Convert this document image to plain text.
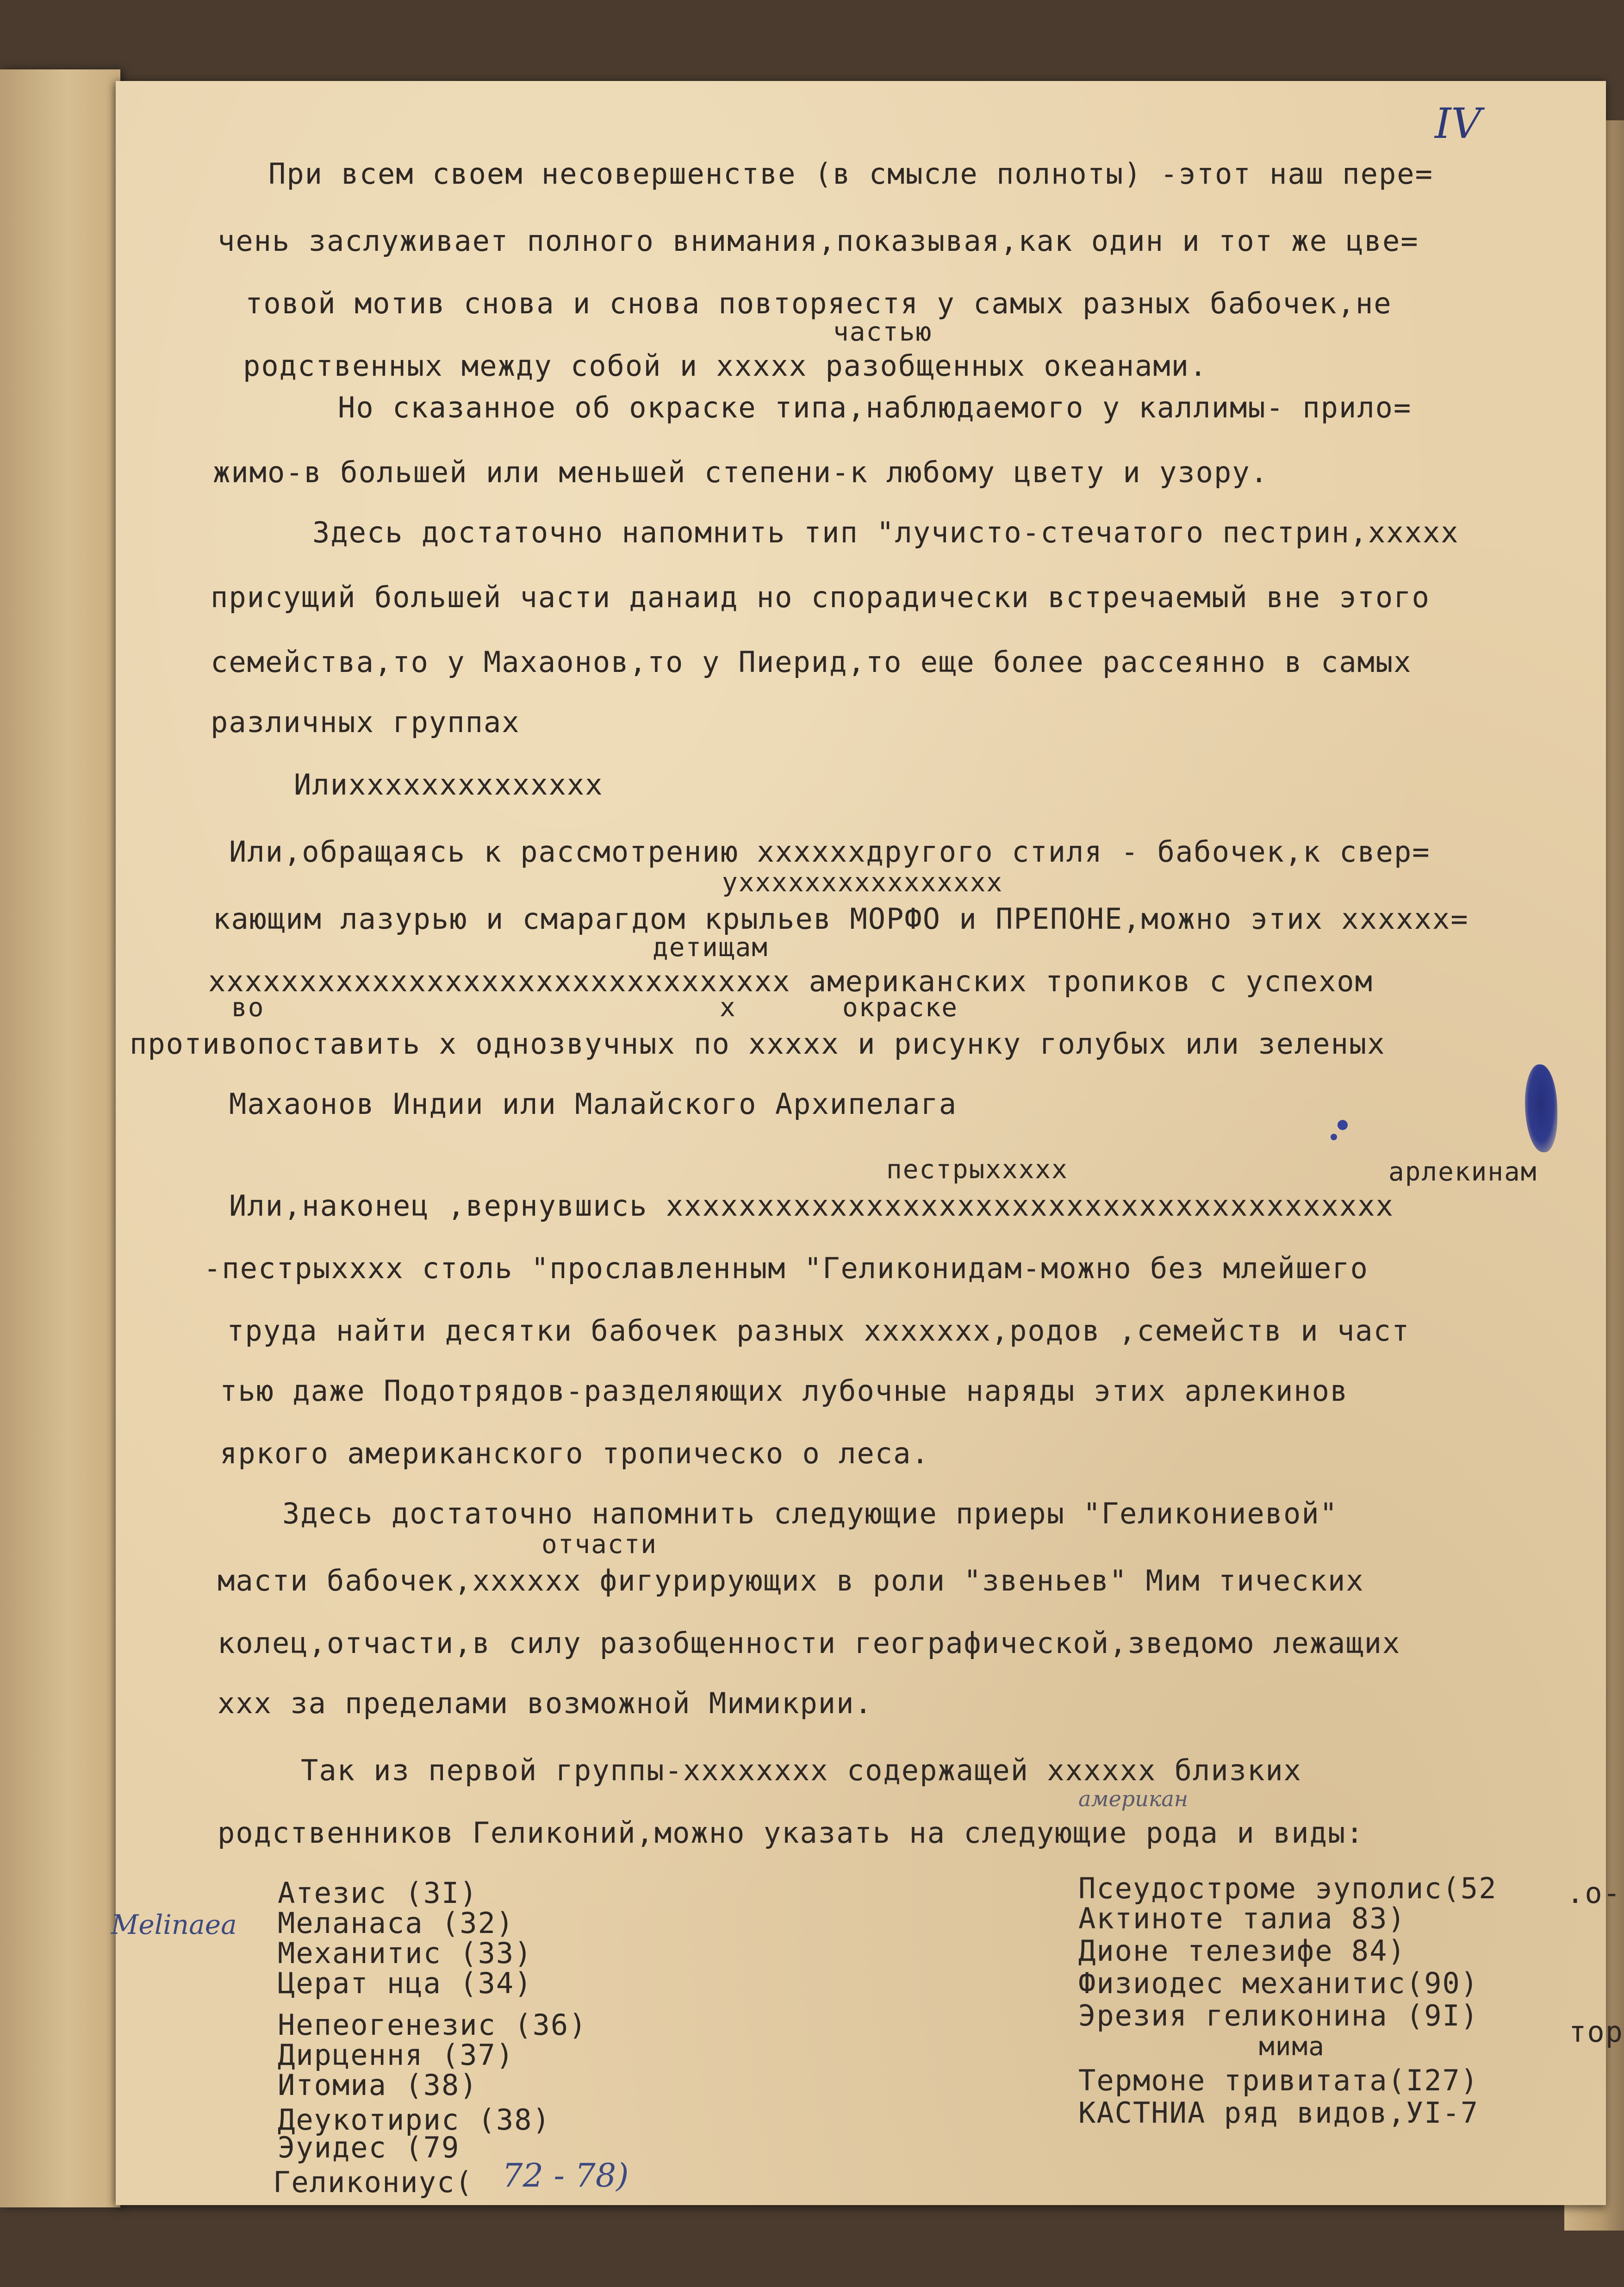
IV
При всем своем несовершенстве (в смысле полноты) -этот наш пере=
чень заслуживает полного внимания,показывая,как один и тот же цве=
товой мотив снова и снова повторяестя у самых разных бабочек,не
частью
родственных между собой и ххххх разобщенных океанами.
Но сказанное об окраске типа,наблюдаемого у каллимы- прило=
жимо-в большей или меньшей степени-к любому цвету и узору.
Здесь достаточно напомнить тип "лучисто-стечатого пестрин,ххххх
присущий большей части данаид но спорадически встречаемый вне этого
семейства,то у Махаонов,то у Пиерид,то еще более рассеянно в самых
различных группах
Илихххххххххххххх
Или,обращаясь к рассмотрению ххххххдругого стиля - бабочек,к свер=
ухххххххххххххххх
кающим лазурью и смарагдом крыльев МОРФО и ПРЕПОНЕ,можно этих хххххх=
детищам
хххххххххххххххххххххххххххххххх американских тропиков с успехом
во	х	окраске
противопоставить х однозвучных по ххххх и рисунку голубых или зеленых
Махаонов Индии или Малайского Архипелага
пестрыххххх	арлекинам
Или,наконец ,вернувшись хххххххххххххххххххххххххххххххххххххххх
-пестрыхххх столь "прославленным "Геликонидам-можно без млейшего
труда найти десятки бабочек разных ххххххх,родов ,семейств и част
тью даже Подотрядов-разделяющих лубочные наряды этих арлекинов
яркого американского тропическо о леса.
Здесь достаточно напомнить следующие приеры "Геликониевой"
отчасти
масти бабочек,хххххх фигурирующих в роли "звеньев" Мим тических
колец,отчасти,в силу разобщенности географической,зведомо лежащих
ххх за пределами возможной Мимикрии.
Так из первой группы-хххххххх содержащей хххххх близких
родственников Геликоний,можно указать на следующие рода и виды:
Атезис (3I)
Меланаса (32)
Механитис (33)
Церат нца (34)
Непеогенезис (36)
Дирцення (37)
Итомиа (38)
Деукотирис (38)
Эуидес (79
Геликониус(
Псеудостроме эуполис(52
Актиноте талиа 83)
Дионе телезифе 84)
Физиодес механитис(90)
Эрезия геликонина (9I)
мима
Термоне тривитата(I27)
КАСТНИА ряд видов,УI-7
Melinaea
американ
72 - 78)
.о-
тор
